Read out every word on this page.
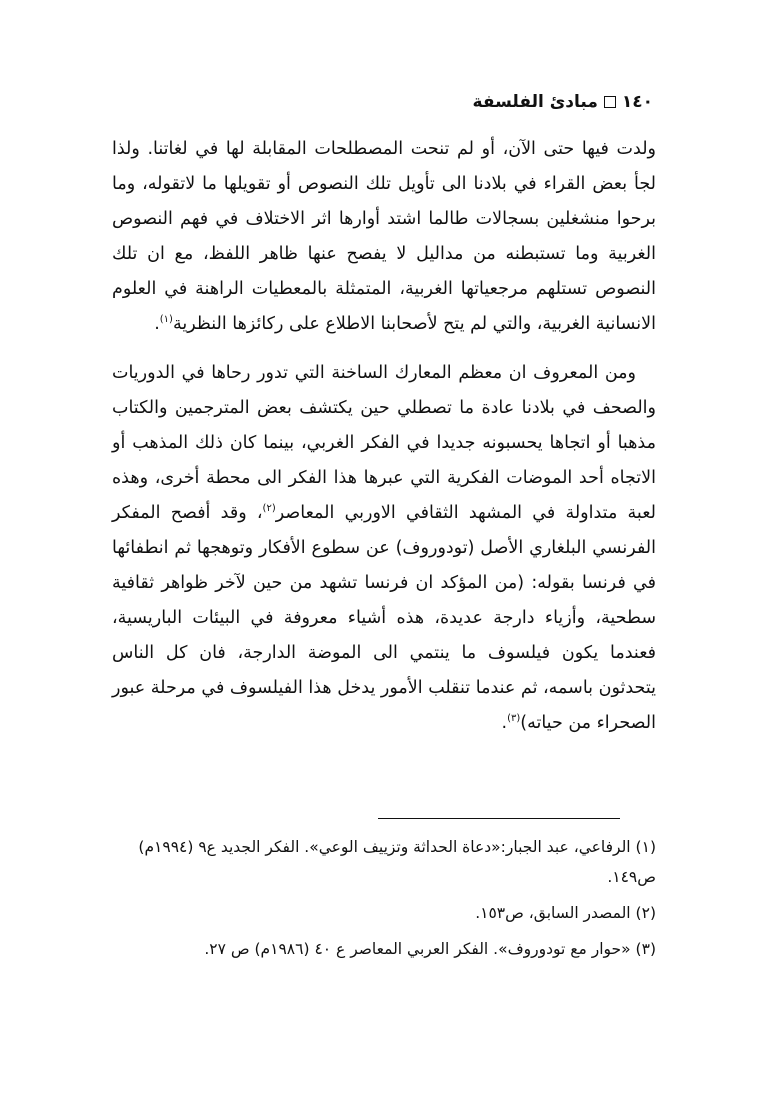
١٤٠مبادئ الفلسفة

ولدت فيها حتى الآن، أو لم تنحت المصطلحات المقابلة لها في لغاتنا. ولذا لجأ بعض القراء في بلادنا الى تأويل تلك النصوص أو تقويلها ما لاتقوله، وما برحوا منشغلين بسجالات طالما اشتد أوارها اثر الاختلاف في فهم النصوص الغربية وما تستبطنه من مداليل لا يفصح عنها ظاهر اللفظ، مع ان تلك النصوص تستلهم مرجعياتها الغربية، المتمثلة بالمعطيات الراهنة في العلوم الانسانية الغربية، والتي لم يتح لأصحابنا الاطلاع على ركائزها النظرية$^{(١)}$.

ومن المعروف ان معظم المعارك الساخنة التي تدور رحاها في الدوريات والصحف في بلادنا عادة ما تصطلي حين يكتشف بعض المترجمين والكتاب مذهبا أو اتجاها يحسبونه جديدا في الفكر الغربي، بينما كان ذلك المذهب أو الاتجاه أحد الموضات الفكرية التي عبرها هذا الفكر الى محطة أخرى، وهذه لعبة متداولة في المشهد الثقافي الاوربي المعاصر$^{(٢)}$، وقد أفصح المفكر الفرنسي البلغاري الأصل (تودوروف) عن سطوع الأفكار وتوهجها ثم انطفائها في فرنسا بقوله: (من المؤكد ان فرنسا تشهد من حين لآخر ظواهر ثقافية سطحية، وأزياء دارجة عديدة، هذه أشياء معروفة في البيئات الباريسية، فعندما يكون فيلسوف ما ينتمي الى الموضة الدارجة، فان كل الناس يتحدثون باسمه، ثم عندما تنقلب الأمور يدخل هذا الفيلسوف في مرحلة عبور الصحراء من حياته)$^{(٣)}$.

(١) الرفاعي، عبد الجبار:«دعاة الحداثة وتزييف الوعي». الفكر الجديد ع٩ (١٩٩٤م) ص١٤٩.

(٢) المصدر السابق، ص١٥٣.

(٣) «حوار مع تودوروف». الفكر العربي المعاصر ع ٤٠ (١٩٨٦م) ص ٢٧.
